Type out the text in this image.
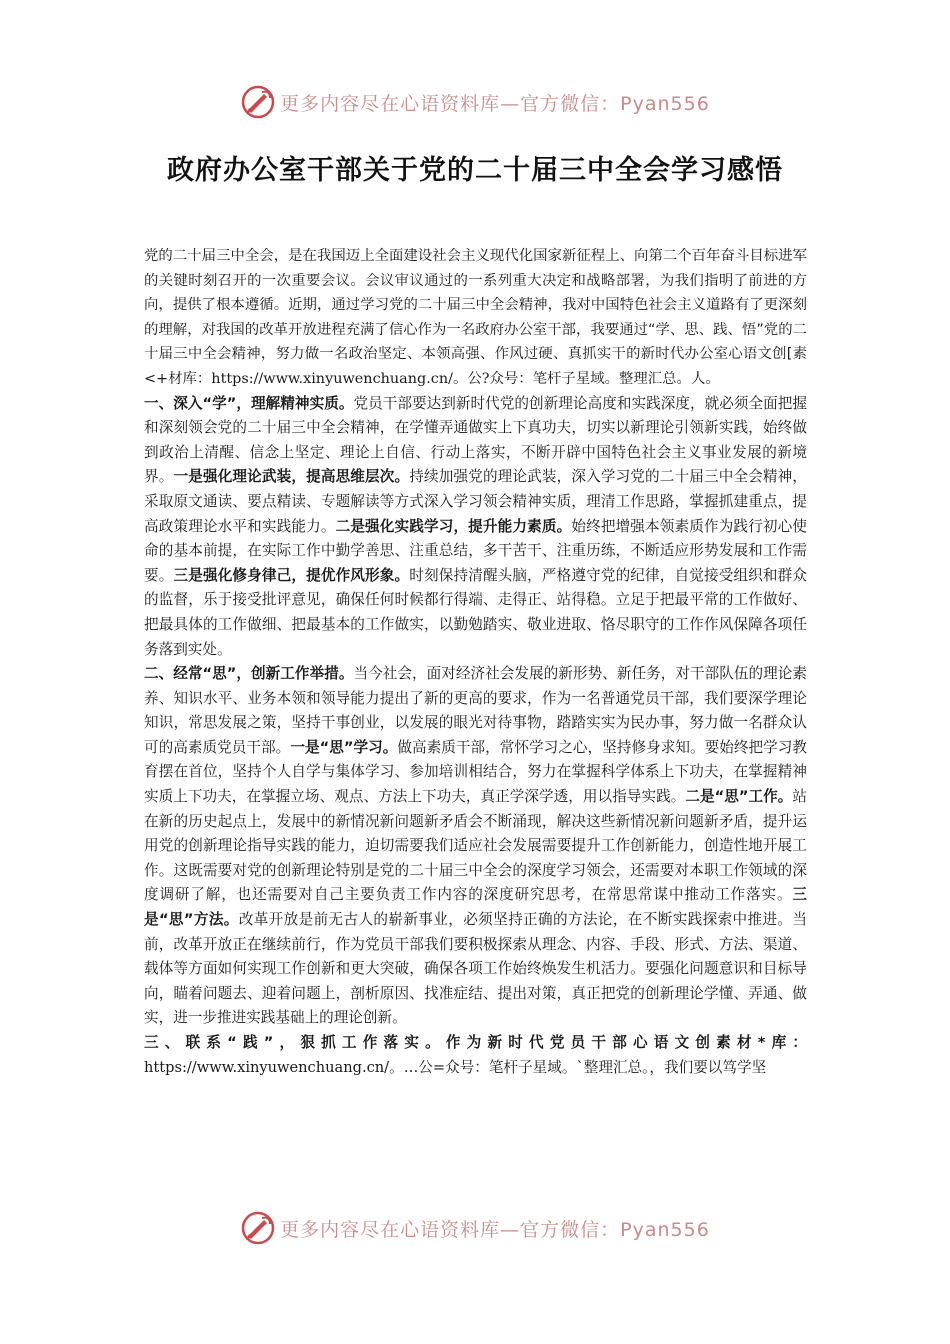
更多内容尽在心语资料库—官方微信：Pyan556
政府办公室干部关于党的二十届三中全会学习感悟

党的二十届三中全会，是在我国迈上全面建设社会主义现代化国家新征程上、向第二个百年奋斗目标进军的关键时刻召开的一次重要会议。会议审议通过的一系列重大决定和战略部署，为我们指明了前进的方向，提供了根本遵循。近期，通过学习党的二十届三中全会精神，我对中国特色社会主义道路有了更深刻的理解，对我国的改革开放进程充满了信心作为一名政府办公室干部，我要通过“学、思、践、悟”党的二十届三中全会精神，努力做一名政治坚定、本领高强、作风过硬、真抓实干的新时代办公室心语文创[素<+材库：https://www.xinyuwenchuang.cn/。公?众号：笔杆子星域。整理汇总。人。

一、深入“学”，理解精神实质。党员干部要达到新时代党的创新理论高度和实践深度，就必须全面把握和深刻领会党的二十届三中全会精神，在学懂弄通做实上下真功夫，切实以新理论引领新实践，始终做到政治上清醒、信念上坚定、理论上自信、行动上落实，不断开辟中国特色社会主义事业发展的新境界。一是强化理论武装，提高思维层次。持续加强党的理论武装，深入学习党的二十届三中全会精神，采取原文通读、要点精读、专题解读等方式深入学习领会精神实质，理清工作思路，掌握抓建重点，提高政策理论水平和实践能力。二是强化实践学习，提升能力素质。始终把增强本领素质作为践行初心使命的基本前提，在实际工作中勤学善思、注重总结，多干苦干、注重历练，不断适应形势发展和工作需要。三是强化修身律己，提优作风形象。时刻保持清醒头脑，严格遵守党的纪律，自觉接受组织和群众的监督，乐于接受批评意见，确保任何时候都行得端、走得正、站得稳。立足于把最平常的工作做好、把最具体的工作做细、把最基本的工作做实，以勤勉踏实、敬业进取、恪尽职守的工作作风保障各项任务落到实处。

二、经常“思”，创新工作举措。当今社会，面对经济社会发展的新形势、新任务，对干部队伍的理论素养、知识水平、业务本领和领导能力提出了新的更高的要求，作为一名普通党员干部，我们要深学理论知识，常思发展之策，坚持干事创业，以发展的眼光对待事物，踏踏实实为民办事，努力做一名群众认可的高素质党员干部。一是“思”学习。做高素质干部，常怀学习之心，坚持修身求知。要始终把学习教育摆在首位，坚持个人自学与集体学习、参加培训相结合，努力在掌握科学体系上下功夫，在掌握精神实质上下功夫，在掌握立场、观点、方法上下功夫，真正学深学透，用以指导实践。二是“思”工作。站在新的历史起点上，发展中的新情况新问题新矛盾会不断涌现，解决这些新情况新问题新矛盾，提升运用党的创新理论指导实践的能力，迫切需要我们适应社会发展需要提升工作创新能力，创造性地开展工作。这既需要对党的创新理论特别是党的二十届三中全会的深度学习领会，还需要对本职工作领域的深度调研了解，也还需要对自己主要负责工作内容的深度研究思考，在常思常谋中推动工作落实。三是“思”方法。改革开放是前无古人的崭新事业，必须坚持正确的方法论，在不断实践探索中推进。当前，改革开放正在继续前行，作为党员干部我们要积极探索从理念、内容、手段、形式、方法、渠道、载体等方面如何实现工作创新和更大突破，确保各项工作始终焕发生机活力。要强化问题意识和目标导向，瞄着问题去、迎着问题上，剖析原因、找准症结、提出对策，真正把党的创新理论学懂、弄通、做实，进一步推进实践基础上的理论创新。

三、联系“践”，狠抓工作落实。作为新时代党员干部心语文创素材*库： https://www.xinyuwenchuang.cn/。…公=众号：笔杆子星域。`整理汇总。，我们要以笃学坚

更多内容尽在心语资料库—官方微信：Pyan556
